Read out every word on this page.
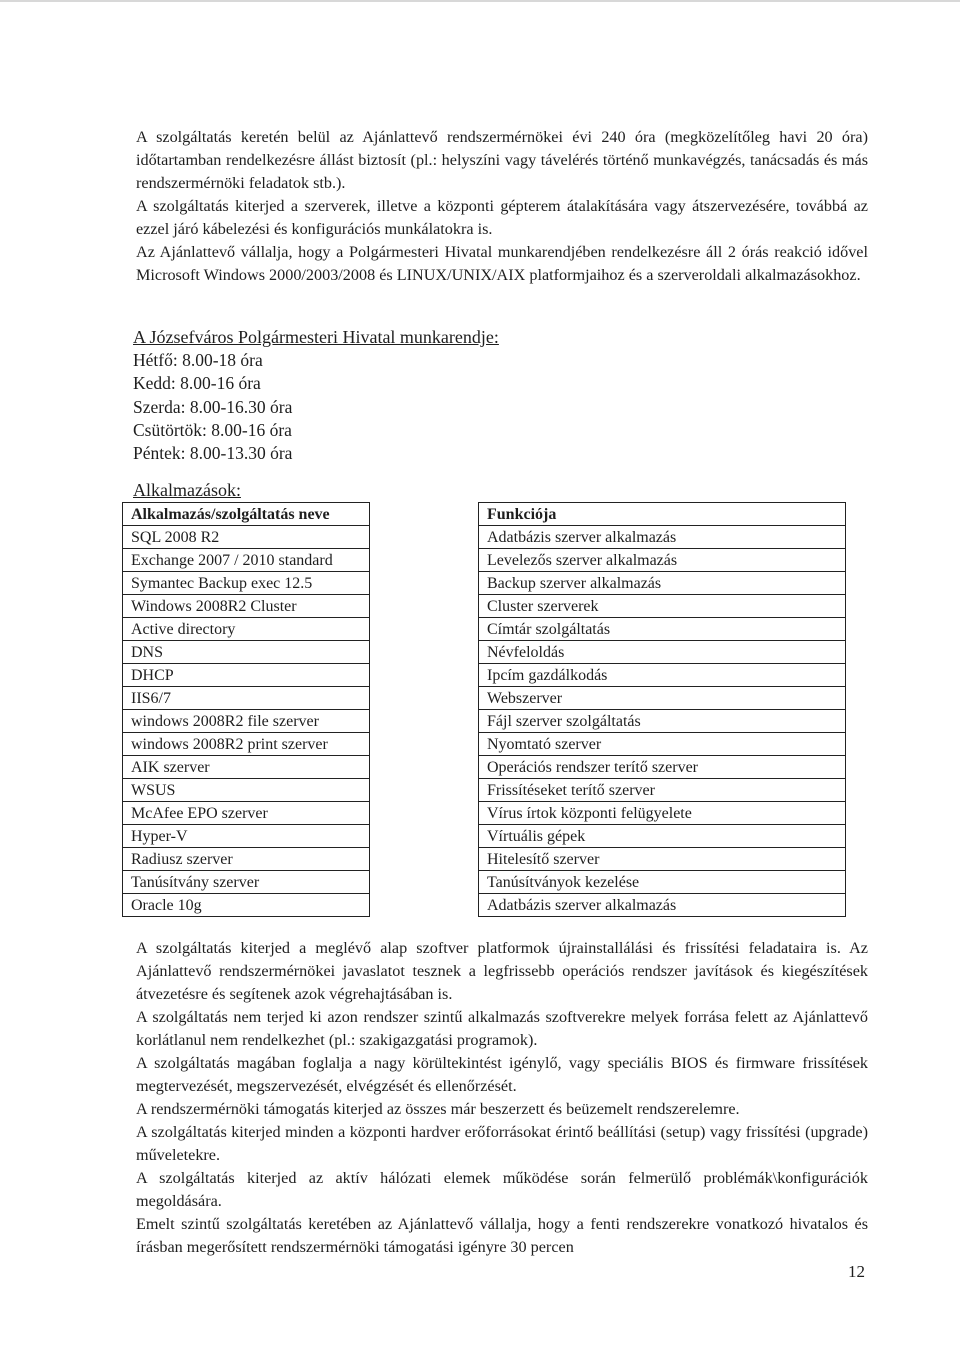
A szolgáltatás keretén belül az Ajánlattevő rendszermérnökei évi 240 óra (megközelítőleg havi 20 óra) időtartamban rendelkezésre állást biztosít (pl.: helyszíni vagy távelérés történő munkavégzés, tanácsadás és más rendszermérnöki feladatok stb.).

A szolgáltatás kiterjed a szerverek, illetve a központi gépterem átalakítására vagy átszervezésére, továbbá az ezzel járó kábelezési és konfigurációs munkálatokra is.

Az Ajánlattevő vállalja, hogy a Polgármesteri Hivatal munkarendjében rendelkezésre áll 2 órás reakció idővel Microsoft Windows 2000/2003/2008 és LINUX/UNIX/AIX platformjaihoz és a szerveroldali alkalmazásokhoz.

A Józsefváros Polgármesteri Hivatal munkarendje:
Hétfő: 8.00-18 óra
Kedd: 8.00-16 óra
Szerda: 8.00-16.30 óra
Csütörtök: 8.00-16 óra
Péntek: 8.00-13.30 óra
Alkalmazások:
Alkalmazás/szolgáltatás neve		Funkciója
SQL 2008 R2		Adatbázis szerver alkalmazás
Exchange 2007 / 2010 standard		Levelezős szerver alkalmazás
Symantec Backup exec 12.5		Backup szerver alkalmazás
Windows 2008R2 Cluster		Cluster szerverek
Active directory		Címtár szolgáltatás
DNS		Névfeloldás
DHCP		Ipcím gazdálkodás
IIS6/7		Webszerver
windows 2008R2 file szerver		Fájl szerver szolgáltatás
windows 2008R2 print szerver		Nyomtató szerver
AIK szerver		Operációs rendszer terítő szerver
WSUS		Frissítéseket terítő szerver
McAfee EPO szerver		Vírus írtok központi felügyelete
Hyper-V		Vírtuális gépek
Radiusz szerver		Hitelesítő szerver
Tanúsítvány szerver		Tanúsítványok kezelése
Oracle 10g		Adatbázis szerver alkalmazás

A szolgáltatás kiterjed a meglévő alap szoftver platformok újrainstallálási és frissítési feladataira is. Az Ajánlattevő rendszermérnökei javaslatot tesznek a legfrissebb operációs rendszer javítások és kiegészítések átvezetésre és segítenek azok végrehajtásában is.

A szolgáltatás nem terjed ki azon rendszer szintű alkalmazás szoftverekre melyek forrása felett az Ajánlattevő korlátlanul nem rendelkezhet (pl.: szakigazgatási programok).

A szolgáltatás magában foglalja a nagy körültekintést igénylő, vagy speciális BIOS és firmware frissítések megtervezését, megszervezését, elvégzését és ellenőrzését.

A rendszermérnöki támogatás kiterjed az összes már beszerzett és beüzemelt rendszerelemre.

A szolgáltatás kiterjed minden a központi hardver erőforrásokat érintő beállítási (setup) vagy frissítési (upgrade) műveletekre.

A szolgáltatás kiterjed az aktív hálózati elemek működése során felmerülő problémák\konfigurációk megoldására.

Emelt szintű szolgáltatás keretében az Ajánlattevő vállalja, hogy a fenti rendszerekre vonatkozó hivatalos és írásban megerősített rendszermérnöki támogatási igényre 30 percen

12
